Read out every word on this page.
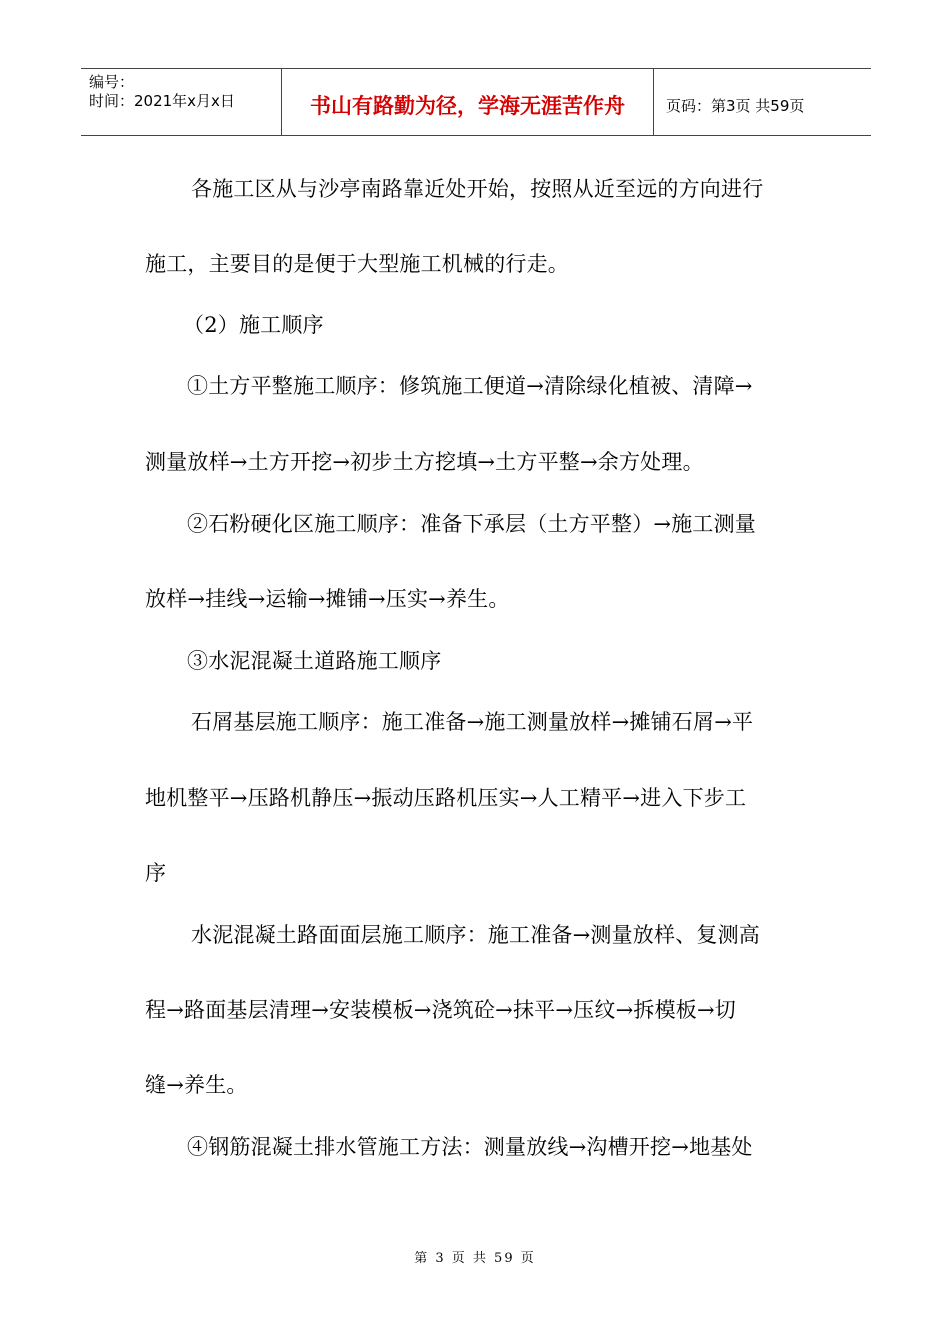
编号：
时间：2021年x月x日	书山有路勤为径，学海无涯苦作舟	页码：第3页 共59页
各施工区从与沙亭南路靠近处开始，按照从近至远的方向进行
施工，主要目的是便于大型施工机械的行走。
（2）施工顺序
①土方平整施工顺序：修筑施工便道→清除绿化植被、清障→
测量放样→土方开挖→初步土方挖填→土方平整→余方处理。
②石粉硬化区施工顺序：准备下承层（土方平整）→施工测量
放样→挂线→运输→摊铺→压实→养生。
③水泥混凝土道路施工顺序
石屑基层施工顺序：施工准备→施工测量放样→摊铺石屑→平
地机整平→压路机静压→振动压路机压实→人工精平→进入下步工
序
水泥混凝土路面面层施工顺序：施工准备→测量放样、复测高
程→路面基层清理→安装模板→浇筑砼→抹平→压纹→拆模板→切
缝→养生。
④钢筋混凝土排水管施工方法：测量放线→沟槽开挖→地基处
第 3 页 共 59 页
